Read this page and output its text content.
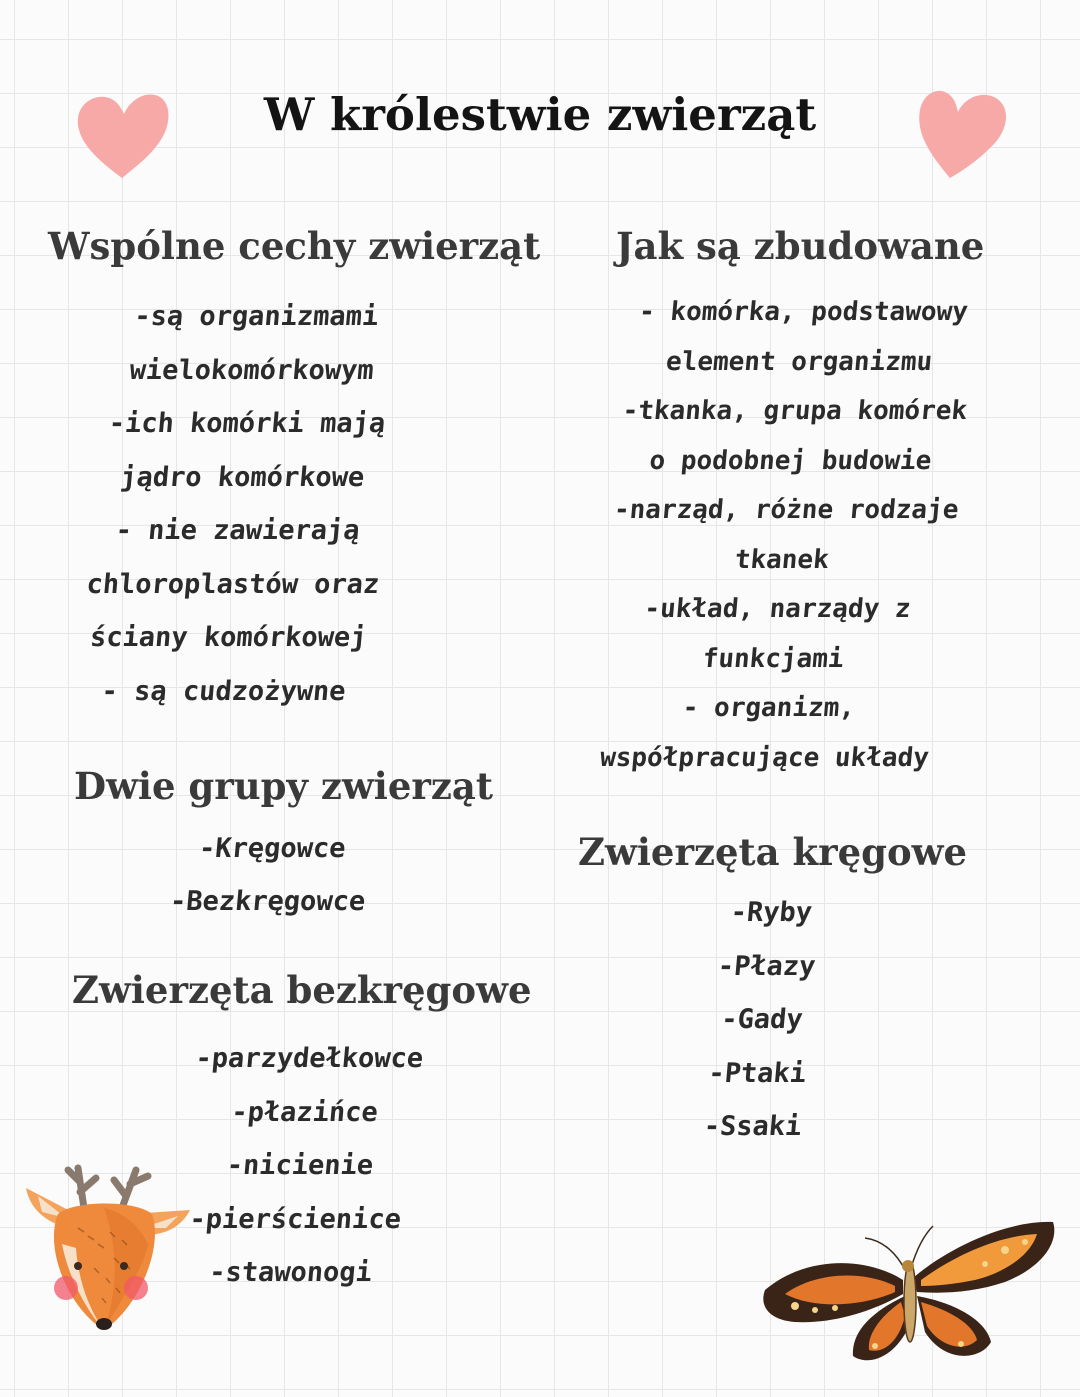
W królestwie zwierząt
Wspólne cechy zwierząt
-są organizmami
wielokomórkowym
-ich komórki mają
jądro komórkowe
- nie zawierają
chloroplastów oraz
ściany komórkowej
- są cudzożywne
Jak są zbudowane
- komórka, podstawowy
element organizmu
-tkanka, grupa komórek
o podobnej budowie
-narząd, różne rodzaje
tkanek
-układ, narządy z
funkcjami
- organizm,
współpracujące układy
Dwie grupy zwierząt
-Kręgowce
-Bezkręgowce
Zwierzęta kręgowe
-Ryby
-Płazy
-Gady
-Ptaki
-Ssaki
Zwierzęta bezkręgowe
-parzydełkowce
-płazińce
-nicienie
-pierścienice
-stawonogi
